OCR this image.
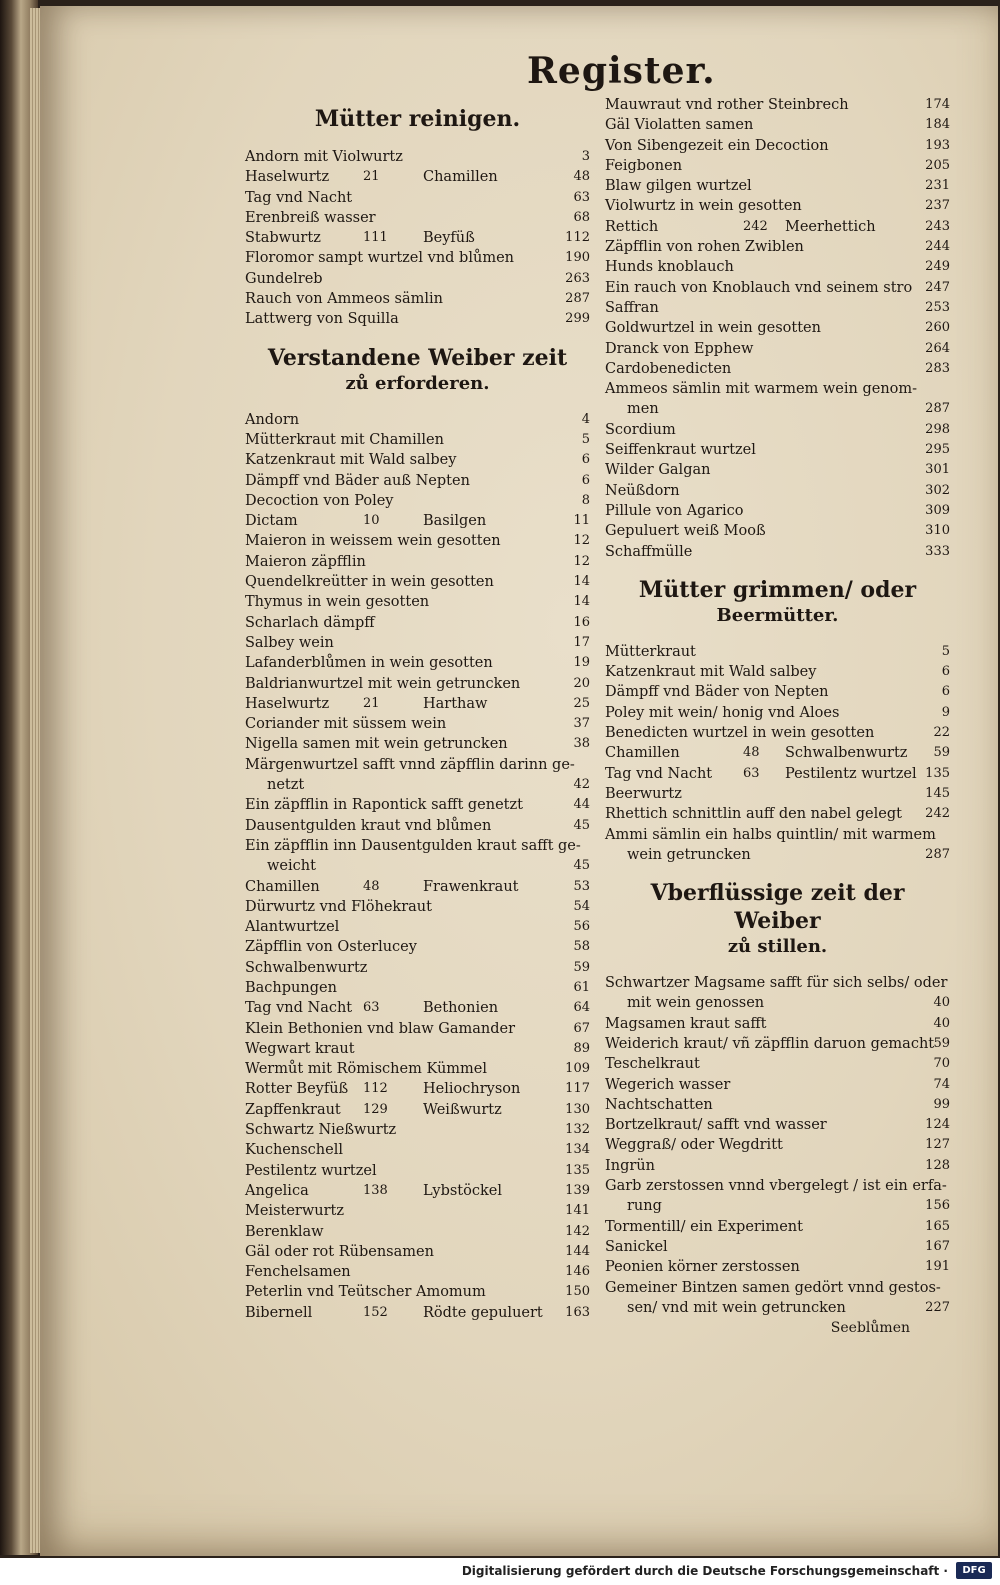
Register.
Mütter reinigen.
Andorn mit Violwurtz	3
Haselwurtz	21	Chamillen	48
Tag vnd Nacht	63
Erenbreiß wasser	68
Stabwurtz	111 Beyfüß	112
Floromor sampt wurtzel vnd blůmen	190
Gundelreb	263
Rauch von Ammeos sämlin	287
Lattwerg von Squilla	299
Verstandene Weiber zeit
zů erforderen.
Andorn	4
Mütterkraut mit Chamillen	5
Katzenkraut mit Wald salbey	6
Dämpff vnd Bäder auß Nepten	6
Decoction von Poley	8
Dictam	10	Basilgen	11
Maieron in weissem wein gesotten	12
Maieron zäpfflin	12
Quendelkreütter in wein gesotten	14
Thymus in wein gesotten	14
Scharlach dämpff	16
Salbey wein	17
Lafanderblůmen in wein gesotten	19
Baldrianwurtzel mit wein getruncken	20
Haselwurtz	21	Harthaw	25
Coriander mit süssem wein	37
Nigella samen mit wein getruncken	38
Märgenwurtzel safft vnnd zäpfflin darinn ge-
netzt	42
Ein zäpfflin in Rapontick safft genetzt	44
Dausentgulden kraut vnd blůmen	45
Ein zäpfflin inn Dausentgulden kraut safft ge-
weicht	45
Chamillen	48	Frawenkraut	53
Dürwurtz vnd Flöhekraut	54
Alantwurtzel	56
Zäpfflin von Osterlucey	58
Schwalbenwurtz	59
Bachpungen	61
Tag vnd Nacht 63	Bethonien	64
Klein Bethonien vnd blaw Gamander	67
Wegwart kraut	89
Wermůt mit Römischem Kümmel	109
Rotter Beyfüß 112 Heliochryson	117
Zapffenkraut 129 Weißwurtz	130
Schwartz Nießwurtz	132
Kuchenschell	134
Pestilentz wurtzel	135
Angelica	138 Lybstöckel	139
Meisterwurtz	141
Berenklaw	142
Gäl oder rot Rübensamen	144
Fenchelsamen	146
Peterlin vnd Teütscher Amomum	150
Bibernell	152 Rödte gepuluert 163
Mauwraut vnd rother Steinbrech	174
Gäl Violatten samen	184
Von Sibengezeit ein Decoction	193
Feigbonen	205
Blaw gilgen wurtzel	231
Violwurtz in wein gesotten	237
Rettich	242 Meerhettich	243
Zäpfflin von rohen Zwiblen	244
Hunds knoblauch	249
Ein rauch von Knoblauch vnd seinem stro 247
Saffran	253
Goldwurtzel in wein gesotten	260
Dranck von Epphew	264
Cardobenedicten	283
Ammeos sämlin mit warmem wein genom-
men	287
Scordium	298
Seiffenkraut wurtzel	295
Wilder Galgan	301
Neüßdorn	302
Pillule von Agarico	309
Gepuluert weiß Mooß	310
Schaffmülle	333
Mütter grimmen/ oder
Beermütter.
Mütterkraut	5
Katzenkraut mit Wald salbey	6
Dämpff vnd Bäder von Nepten	6
Poley mit wein/ honig vnd Aloes	9
Benedicten wurtzel in wein gesotten	22
Chamillen	48 Schwalbenwurtz 59
Tag vnd Nacht 63 Pestilentz wurtzel 135
Beerwurtz	145
Rhettich schnittlin auff den nabel gelegt 242
Ammi sämlin ein halbs quintlin/ mit warmem
wein getruncken	287
Vberflüssige zeit der Weiber
zů stillen.
Schwartzer Magsame safft für sich selbs/ oder
mit wein genossen	40
Magsamen kraut safft	40
Weiderich kraut/ vñ zäpfflin daruon gemacht 59
Teschelkraut	70
Wegerich wasser	74
Nachtschatten	99
Bortzelkraut/ safft vnd wasser	124
Weggraß/ oder Wegdritt	127
Ingrün	128
Garb zerstossen vnnd vbergelegt / ist ein erfa-
rung	156
Tormentill/ ein Experiment	165
Sanickel	167
Peonien körner zerstossen	191
Gemeiner Bintzen samen gedört vnnd gestos-
sen/ vnd mit wein getruncken	227
Seeblůmen
Digitalisierung gefördert durch die Deutsche Forschungsgemeinschaft ·	DFG
